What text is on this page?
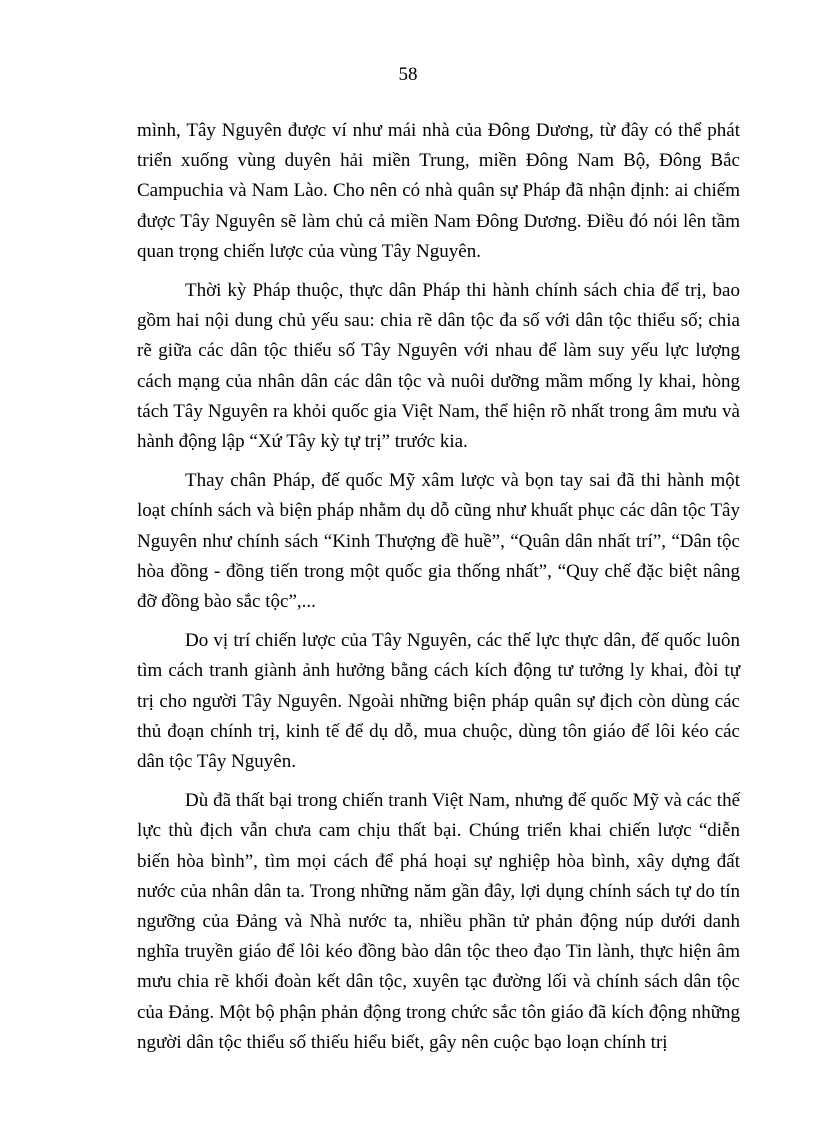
58

mình, Tây Nguyên được ví như mái nhà của Đông Dương, từ đây có thể phát triển xuống vùng duyên hải miền Trung, miền Đông Nam Bộ, Đông Bắc Campuchia và Nam Lào. Cho nên có nhà quân sự Pháp đã nhận định: ai chiếm được Tây Nguyên sẽ làm chủ cả miền Nam Đông Dương. Điều đó nói lên tầm quan trọng chiến lược của vùng Tây Nguyên.

Thời kỳ Pháp thuộc, thực dân Pháp thi hành chính sách chia để trị, bao gồm hai nội dung chủ yếu sau: chia rẽ dân tộc đa số với dân tộc thiểu số; chia rẽ giữa các dân tộc thiểu số Tây Nguyên với nhau để làm suy yếu lực lượng cách mạng của nhân dân các dân tộc và nuôi dưỡng mầm mống ly khai, hòng tách Tây Nguyên ra khỏi quốc gia Việt Nam, thể hiện rõ nhất trong âm mưu và hành động lập “Xứ Tây kỳ tự trị” trước kia.

Thay chân Pháp, đế quốc Mỹ xâm lược và bọn tay sai đã thi hành một loạt chính sách và biện pháp nhằm dụ dỗ cũng như khuất phục các dân tộc Tây Nguyên như chính sách “Kinh Thượng đề huề”, “Quân dân nhất trí”, “Dân tộc hòa đồng - đồng tiến trong một quốc gia thống nhất”, “Quy chế đặc biệt nâng đỡ đồng bào sắc tộc”,...

Do vị trí chiến lược của Tây Nguyên, các thế lực thực dân, đế quốc luôn tìm cách tranh giành ảnh hưởng bằng cách kích động tư tưởng ly khai, đòi tự trị cho người Tây Nguyên. Ngoài những biện pháp quân sự địch còn dùng các thủ đoạn chính trị, kinh tế để dụ dỗ, mua chuộc, dùng tôn giáo để lôi kéo các dân tộc Tây Nguyên.

Dù đã thất bại trong chiến tranh Việt Nam, nhưng đế quốc Mỹ và các thế lực thù địch vẫn chưa cam chịu thất bại. Chúng triển khai chiến lược “diễn biến hòa bình”, tìm mọi cách để phá hoại sự nghiệp hòa bình, xây dựng đất nước của nhân dân ta. Trong những năm gần đây, lợi dụng chính sách tự do tín ngưỡng của Đảng và Nhà nước ta, nhiều phần tử phản động núp dưới danh nghĩa truyền giáo để lôi kéo đồng bào dân tộc theo đạo Tin lành, thực hiện âm mưu chia rẽ khối đoàn kết dân tộc, xuyên tạc đường lối và chính sách dân tộc của Đảng. Một bộ phận phản động trong chức sắc tôn giáo đã kích động những người dân tộc thiểu số thiếu hiểu biết, gây nên cuộc bạo loạn chính trị
